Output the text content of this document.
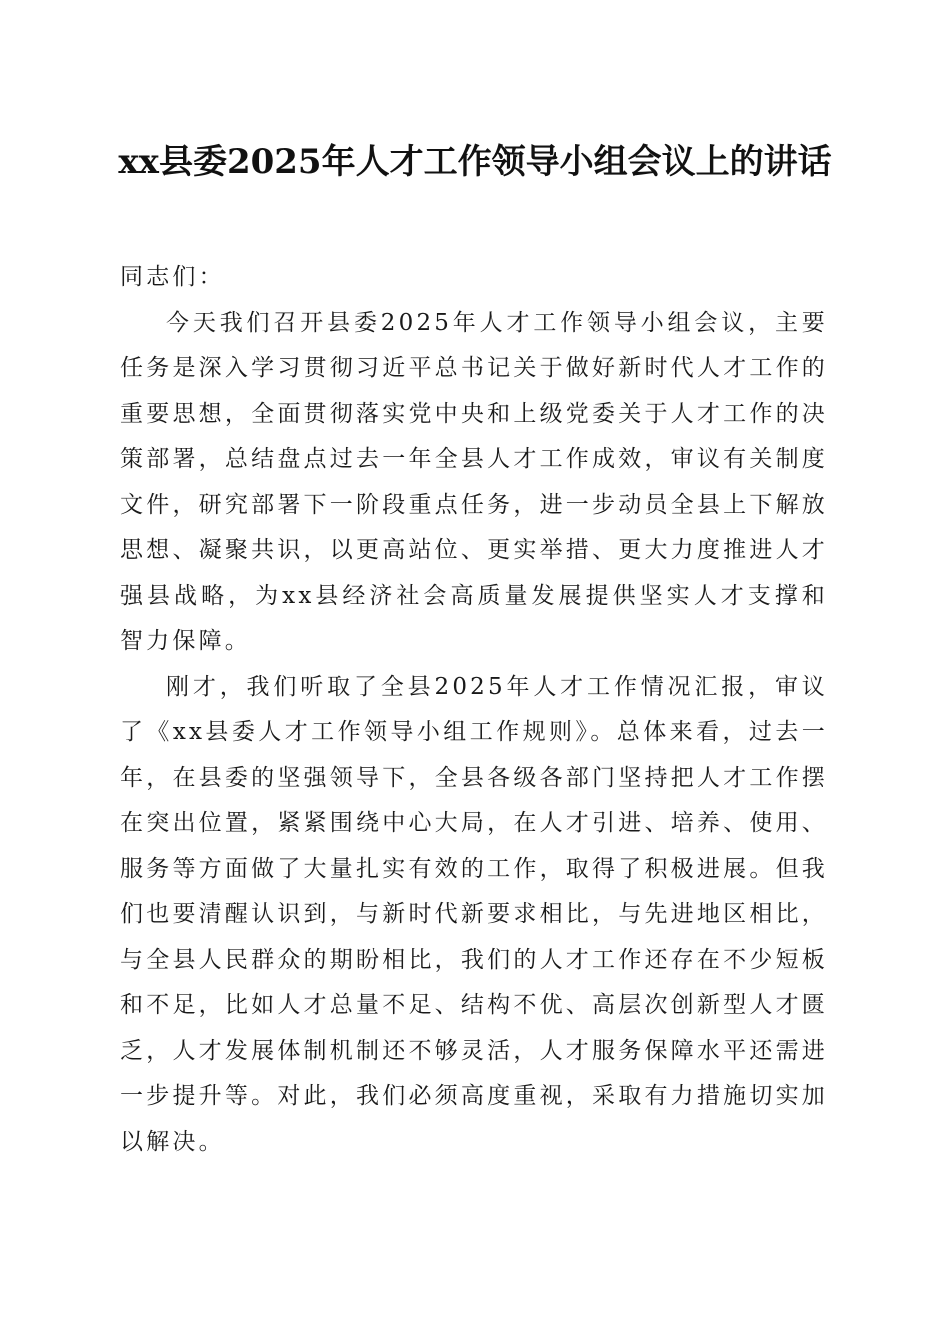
xx县委2025年人才工作领导小组会议上的讲话

同志们：

今天我们召开县委2025年人才工作领导小组会议，主要任务是深入学习贯彻习近平总书记关于做好新时代人才工作的重要思想，全面贯彻落实党中央和上级党委关于人才工作的决策部署，总结盘点过去一年全县人才工作成效，审议有关制度文件，研究部署下一阶段重点任务，进一步动员全县上下解放思想、凝聚共识，以更高站位、更实举措、更大力度推进人才强县战略，为xx县经济社会高质量发展提供坚实人才支撑和智力保障。

刚才，我们听取了全县2025年人才工作情况汇报，审议了《xx县委人才工作领导小组工作规则》。总体来看，过去一年，在县委的坚强领导下，全县各级各部门坚持把人才工作摆在突出位置，紧紧围绕中心大局，在人才引进、培养、使用、服务等方面做了大量扎实有效的工作，取得了积极进展。但我们也要清醒认识到，与新时代新要求相比，与先进地区相比，与全县人民群众的期盼相比，我们的人才工作还存在不少短板和不足，比如人才总量不足、结构不优、高层次创新型人才匮乏，人才发展体制机制还不够灵活，人才服务保障水平还需进一步提升等。对此，我们必须高度重视，采取有力措施切实加以解决。
